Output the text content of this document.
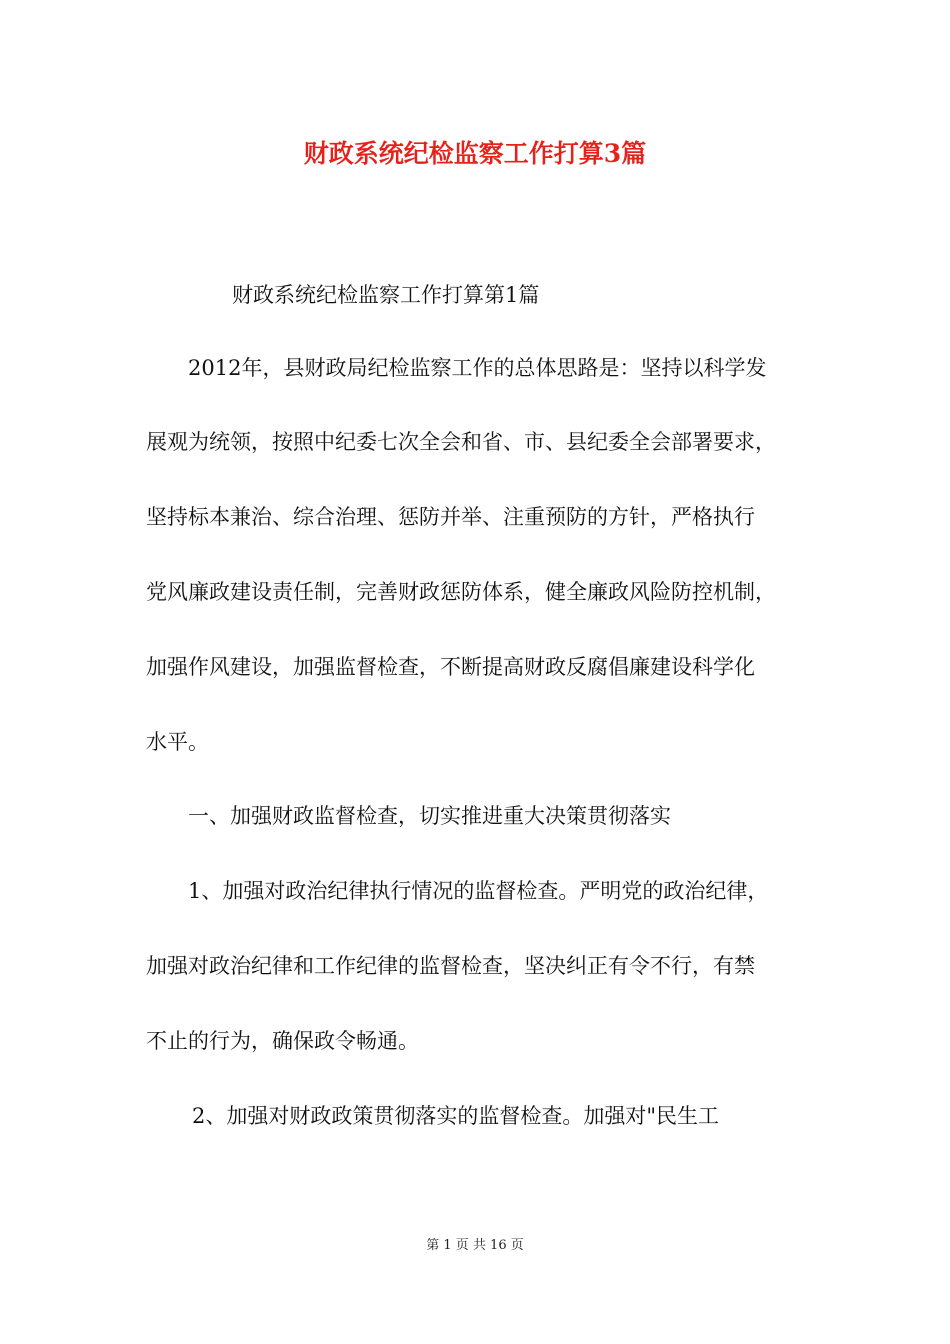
财政系统纪检监察工作打算3篇
财政系统纪检监察工作打算第1篇
2012年，县财政局纪检监察工作的总体思路是：坚持以科学发
展观为统领，按照中纪委七次全会和省、市、县纪委全会部署要求，
坚持标本兼治、综合治理、惩防并举、注重预防的方针，严格执行
党风廉政建设责任制，完善财政惩防体系，健全廉政风险防控机制，
加强作风建设，加强监督检查，不断提高财政反腐倡廉建设科学化
水平。
一、加强财政监督检查，切实推进重大决策贯彻落实
1、加强对政治纪律执行情况的监督检查。严明党的政治纪律，
加强对政治纪律和工作纪律的监督检查，坚决纠正有令不行，有禁
不止的行为，确保政令畅通。
2、加强对财政政策贯彻落实的监督检查。加强对"民生工
第 1 页 共 16 页
